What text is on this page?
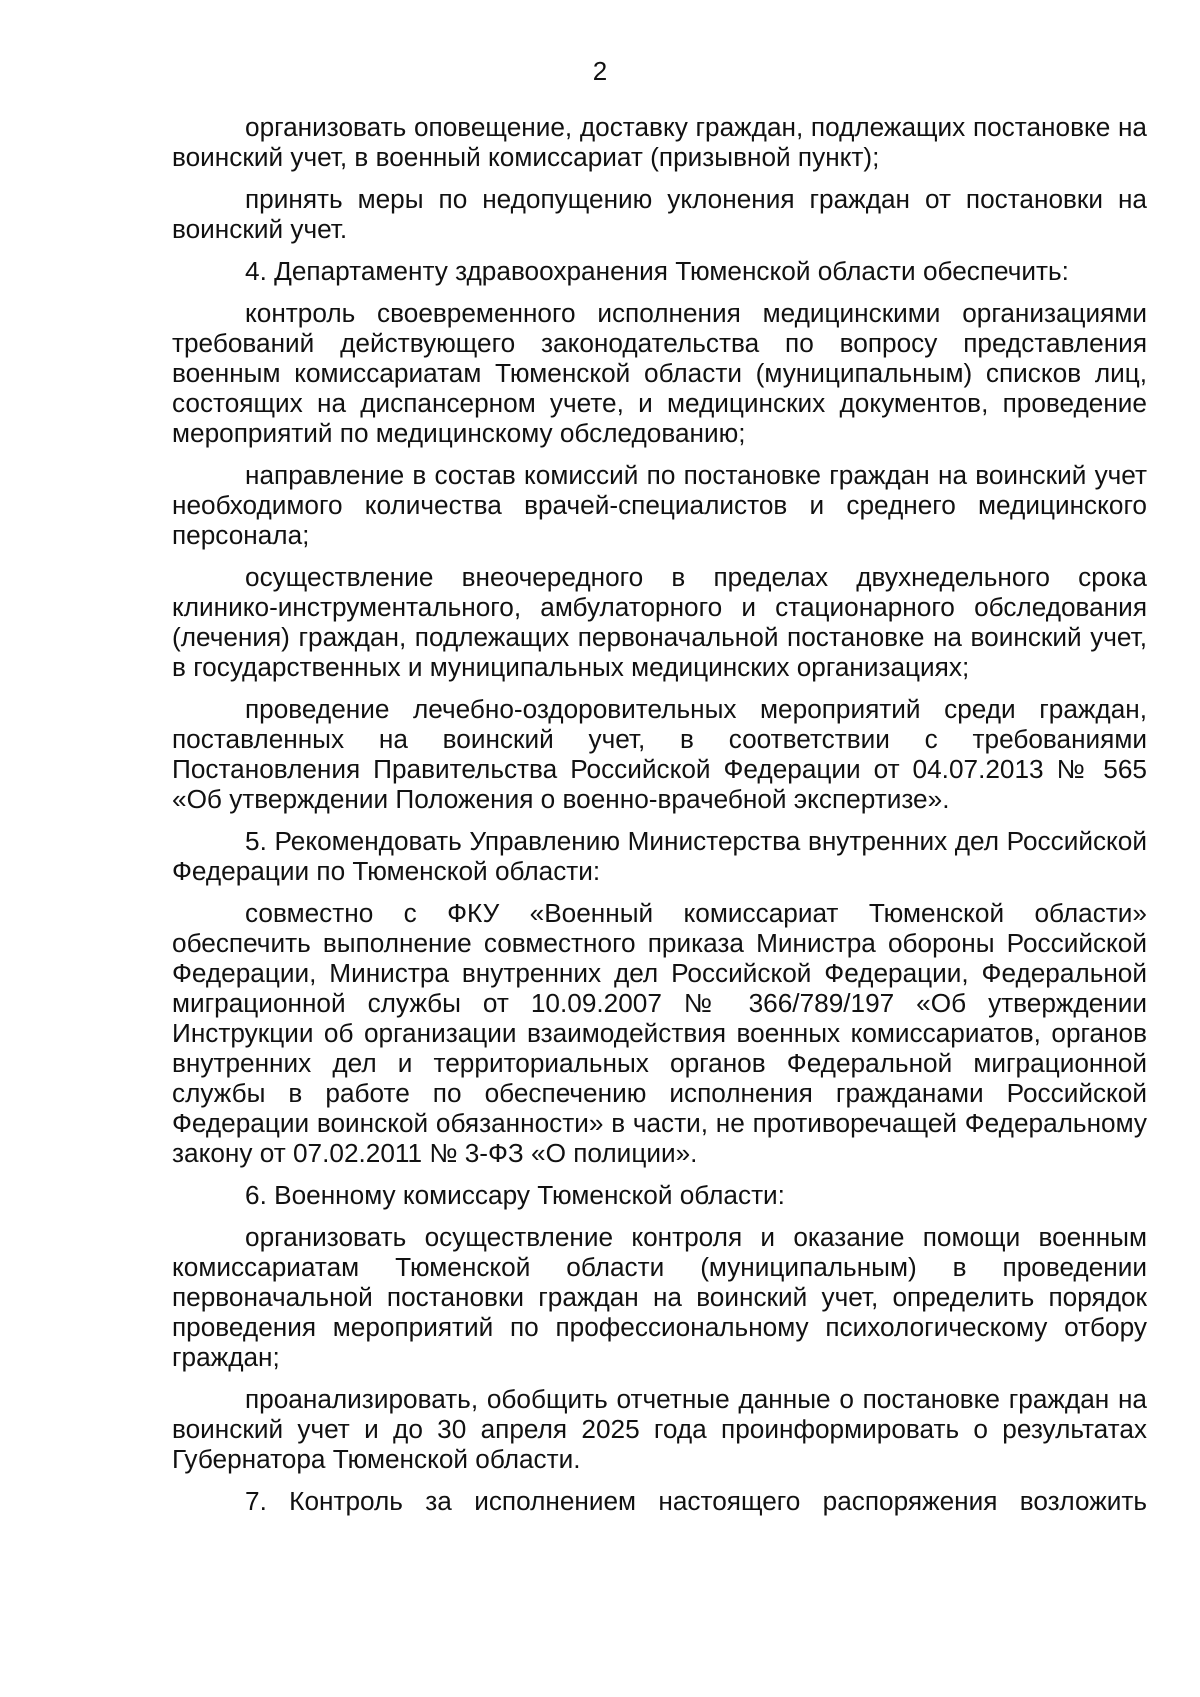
2

организовать оповещение, доставку граждан, подлежащих постановке на воинский учет, в военный комиссариат (призывной пункт);

принять меры по недопущению уклонения граждан от постановки на воинский учет.

4. Департаменту здравоохранения Тюменской области обеспечить:

контроль своевременного исполнения медицинскими организациями требований действующего законодательства по вопросу представления военным комиссариатам Тюменской области (муниципальным) списков лиц, состоящих на диспансерном учете, и медицинских документов, проведение мероприятий по медицинскому обследованию;

направление в состав комиссий по постановке граждан на воинский учет необходимого количества врачей-специалистов и среднего медицинского персонала;

осуществление внеочередного в пределах двухнедельного срока клинико-инструментального, амбулаторного и стационарного обследования (лечения) граждан, подлежащих первоначальной постановке на воинский учет, в государственных и муниципальных медицинских организациях;

проведение лечебно-оздоровительных мероприятий среди граждан, поставленных на воинский учет, в соответствии с требованиями Постановления Правительства Российской Федерации от 04.07.2013 № 565 «Об утверждении Положения о военно-врачебной экспертизе».

5. Рекомендовать Управлению Министерства внутренних дел Российской Федерации по Тюменской области:

совместно с ФКУ «Военный комиссариат Тюменской области» обеспечить выполнение совместного приказа Министра обороны Российской Федерации, Министра внутренних дел Российской Федерации, Федеральной миграционной службы от 10.09.2007 № 366/789/197 «Об утверждении Инструкции об организации взаимодействия военных комиссариатов, органов внутренних дел и территориальных органов Федеральной миграционной службы в работе по обеспечению исполнения гражданами Российской Федерации воинской обязанности» в части, не противоречащей Федеральному закону от 07.02.2011 № 3-ФЗ «О полиции».

6. Военному комиссару Тюменской области:

организовать осуществление контроля и оказание помощи военным комиссариатам Тюменской области (муниципальным) в проведении первоначальной постановки граждан на воинский учет, определить порядок проведения мероприятий по профессиональному психологическому отбору граждан;

проанализировать, обобщить отчетные данные о постановке граждан на воинский учет и до 30 апреля 2025 года проинформировать о результатах Губернатора Тюменской области.

7. Контроль за исполнением настоящего распоряжения возложить
